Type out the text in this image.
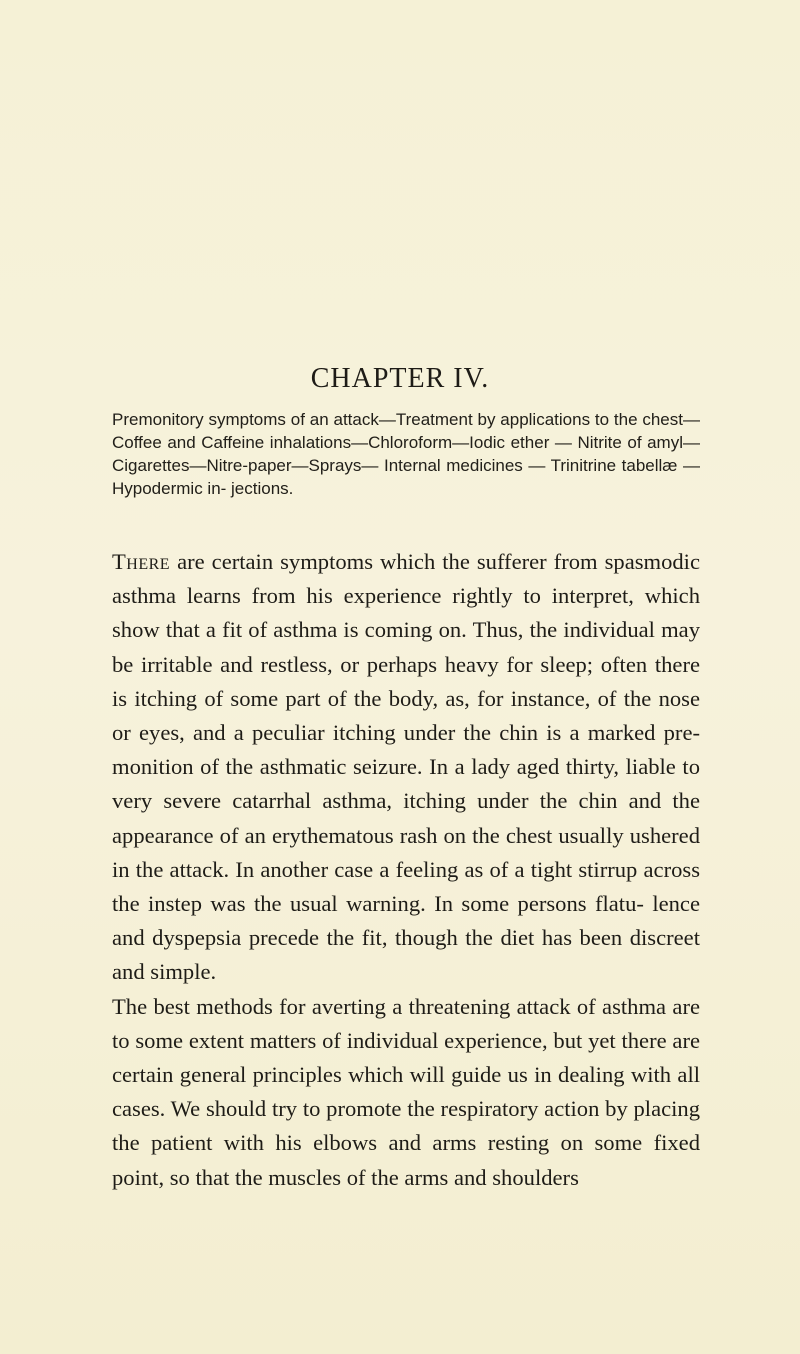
CHAPTER IV.

Premonitory symptoms of an attack—Treatment by applications to the chest—Coffee and Caffeine inhalations—Chloroform—Iodic ether — Nitrite of amyl—Cigarettes—Nitre-paper—Sprays— Internal medicines — Trinitrine tabellæ — Hypodermic in- jections.

There are certain symptoms which the sufferer from spasmodic asthma learns from his experience rightly to interpret, which show that a fit of asthma is coming on. Thus, the individual may be irritable and restless, or perhaps heavy for sleep; often there is itching of some part of the body, as, for instance, of the nose or eyes, and a peculiar itching under the chin is a marked pre- monition of the asthmatic seizure. In a lady aged thirty, liable to very severe catarrhal asthma, itching under the chin and the appearance of an erythematous rash on the chest usually ushered in the attack. In another case a feeling as of a tight stirrup across the instep was the usual warning. In some persons flatu- lence and dyspepsia precede the fit, though the diet has been discreet and simple.

The best methods for averting a threatening attack of asthma are to some extent matters of individual experience, but yet there are certain general principles which will guide us in dealing with all cases. We should try to promote the respiratory action by placing the patient with his elbows and arms resting on some fixed point, so that the muscles of the arms and shoulders
